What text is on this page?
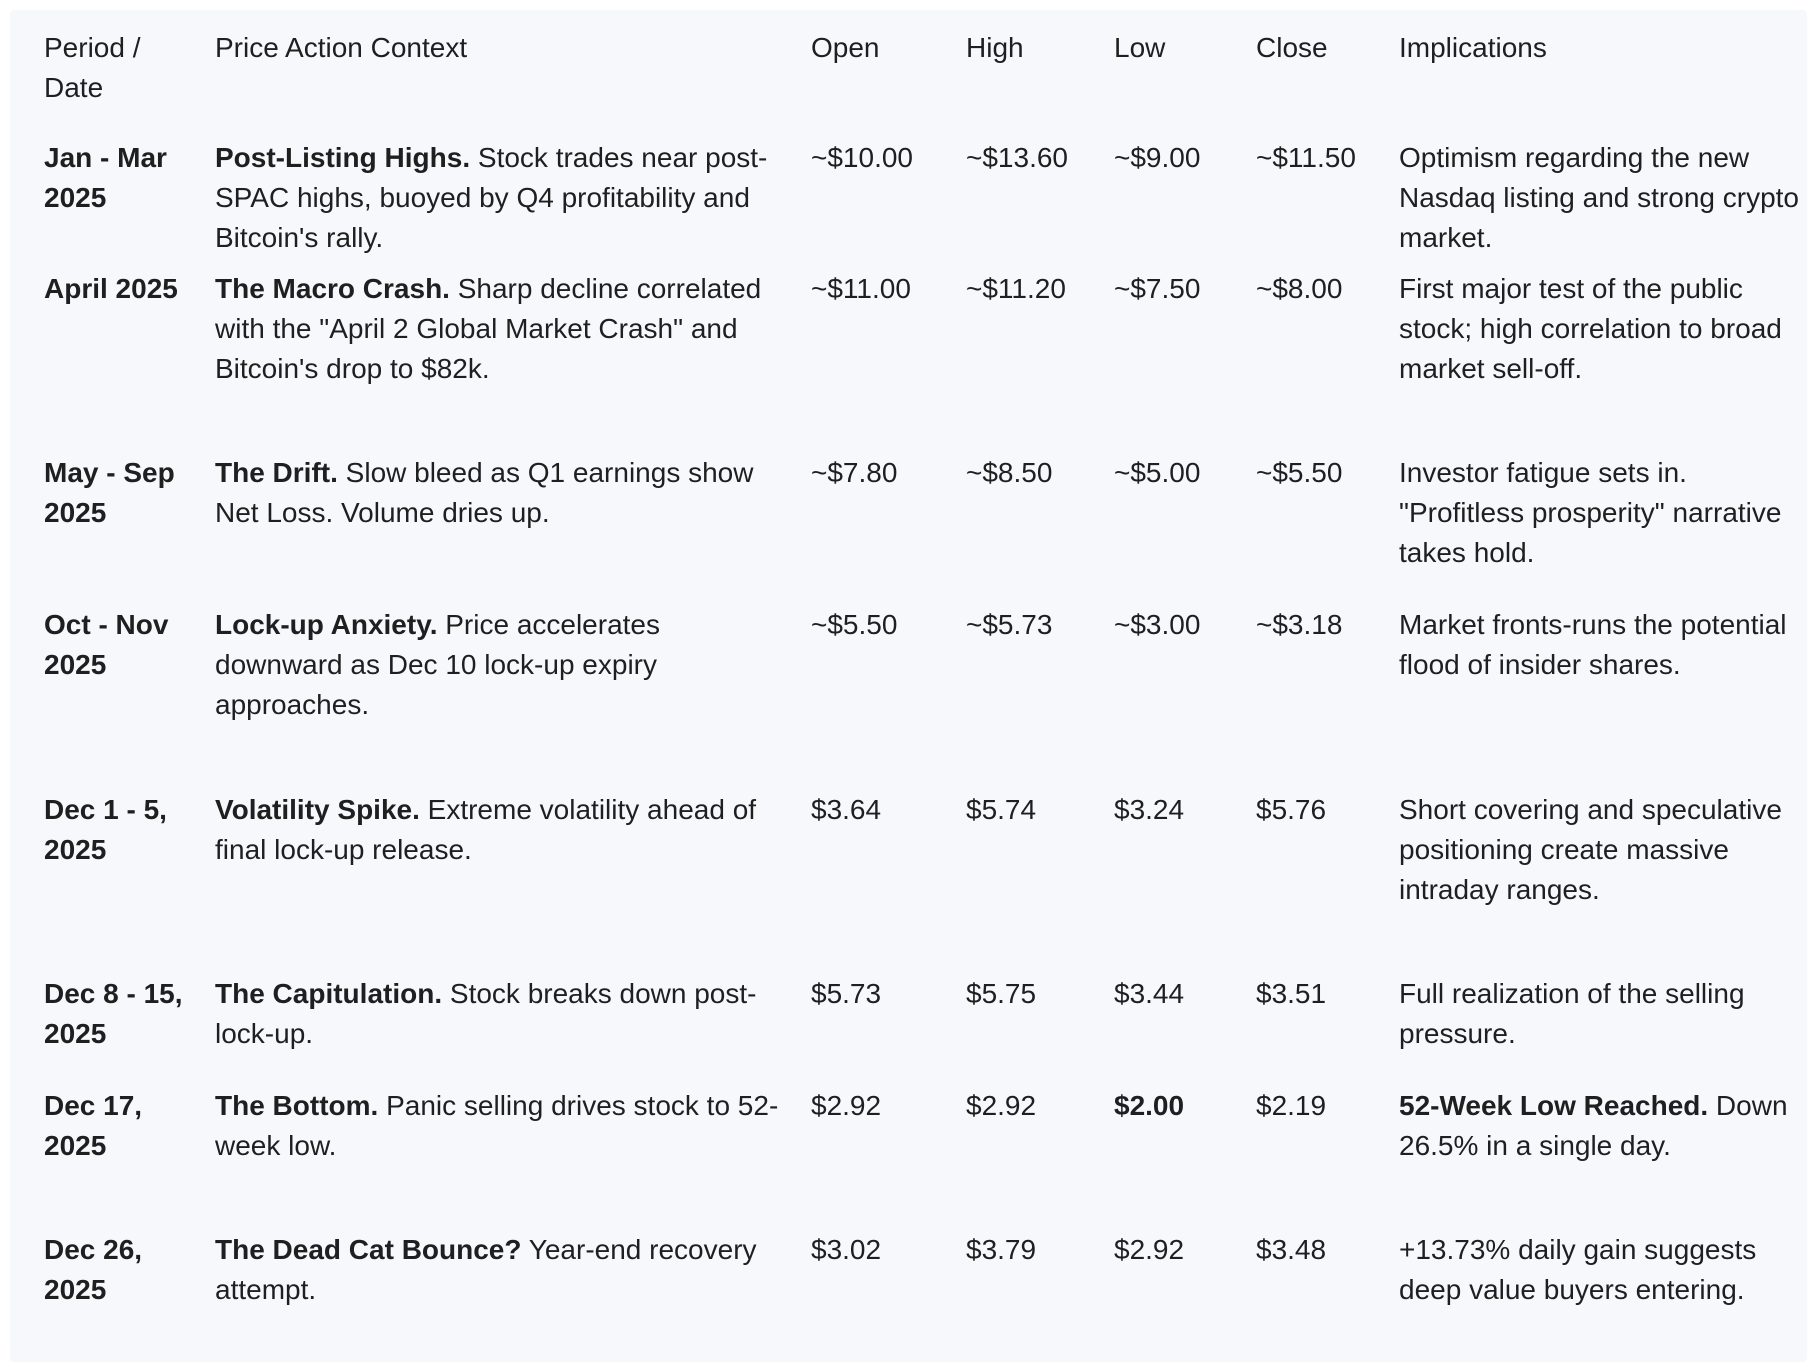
Period / Date	Price Action Context	Open	High	Low	Close	Implications
Jan - Mar 2025	Post-Listing Highs. Stock trades near post-SPAC highs, buoyed by Q4 profitability and Bitcoin's rally.	~$10.00	~$13.60	~$9.00	~$11.50	Optimism regarding the new Nasdaq listing and strong crypto market.
April 2025	The Macro Crash. Sharp decline correlated with the "April 2 Global Market Crash" and Bitcoin's drop to $82k.	~$11.00	~$11.20	~$7.50	~$8.00	First major test of the public stock; high correlation to broad market sell-off.
May - Sep 2025	The Drift. Slow bleed as Q1 earnings show Net Loss. Volume dries up.	~$7.80	~$8.50	~$5.00	~$5.50	Investor fatigue sets in. "Profitless prosperity" narrative takes hold.
Oct - Nov 2025	Lock-up Anxiety. Price accelerates downward as Dec 10 lock-up expiry approaches.	~$5.50	~$5.73	~$3.00	~$3.18	Market fronts-runs the potential flood of insider shares.
Dec 1 - 5, 2025	Volatility Spike. Extreme volatility ahead of final lock-up release.	$3.64	$5.74	$3.24	$5.76	Short covering and speculative positioning create massive intraday ranges.
Dec 8 - 15, 2025	The Capitulation. Stock breaks down post-lock-up.	$5.73	$5.75	$3.44	$3.51	Full realization of the selling pressure.
Dec 17, 2025	The Bottom. Panic selling drives stock to 52-week low.	$2.92	$2.92	$2.00	$2.19	52-Week Low Reached. Down 26.5% in a single day.
Dec 26, 2025	The Dead Cat Bounce? Year-end recovery attempt.	$3.02	$3.79	$2.92	$3.48	+13.73% daily gain suggests deep value buyers entering.
